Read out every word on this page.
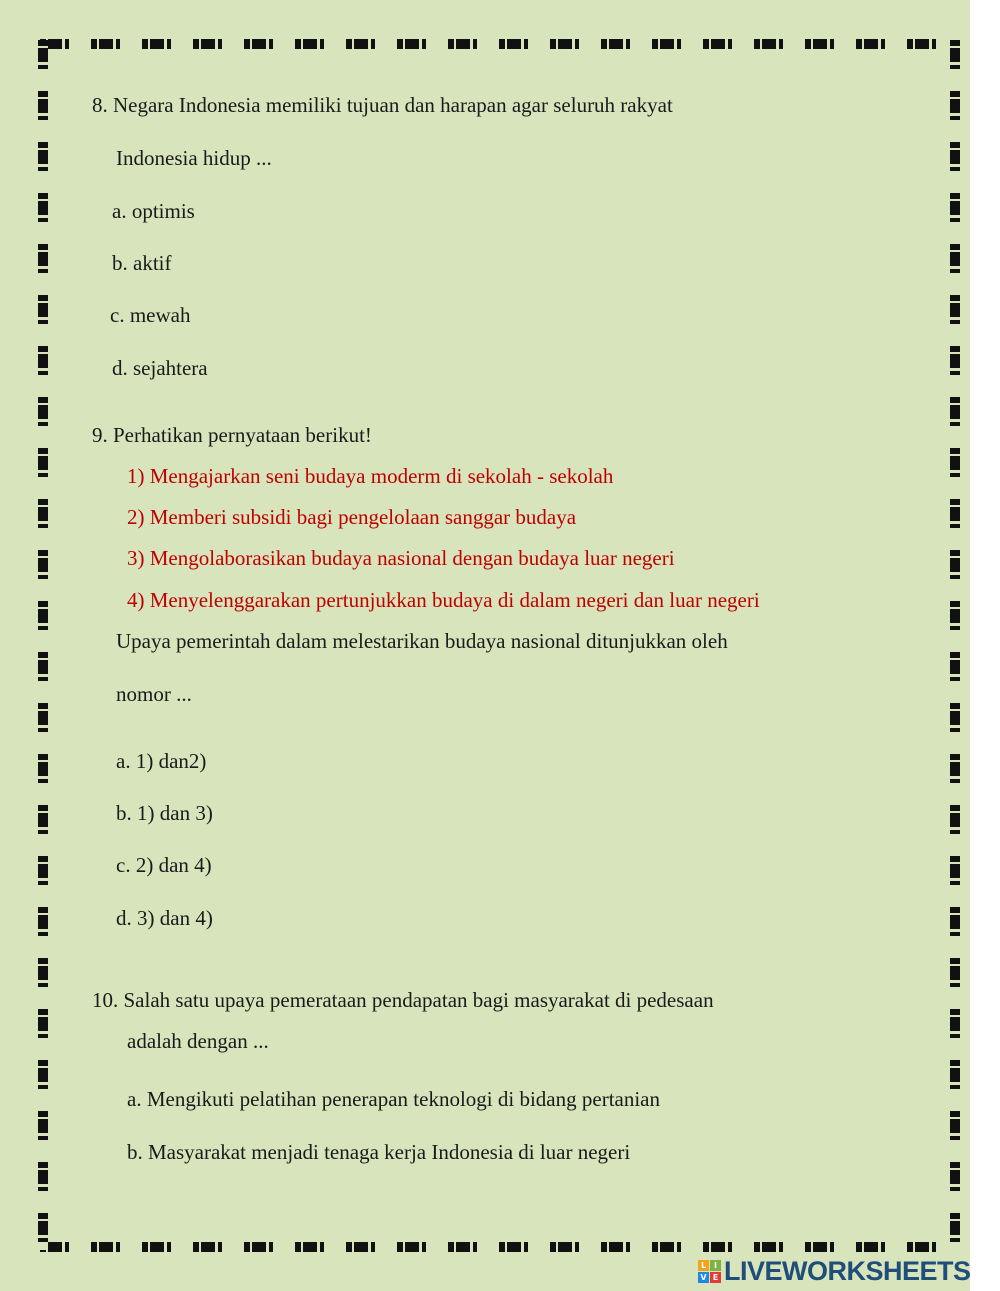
8. Negara Indonesia memiliki tujuan dan harapan agar seluruh rakyat

Indonesia hidup ...

a. optimis

b. aktif

c. mewah

d. sejahtera

9. Perhatikan pernyataan berikut!

1) Mengajarkan seni budaya moderm di sekolah - sekolah

2) Memberi subsidi bagi pengelolaan sanggar budaya

3) Mengolaborasikan budaya nasional dengan budaya luar negeri

4) Menyelenggarakan pertunjukkan budaya di dalam negeri dan luar negeri

Upaya pemerintah dalam melestarikan budaya nasional ditunjukkan oleh

nomor ...

a. 1) dan2)

b. 1) dan 3)

c. 2) dan 4)

d. 3) dan 4)

10. Salah satu upaya pemerataan pendapatan bagi masyarakat di pedesaan

adalah dengan ...

a. Mengikuti pelatihan penerapan teknologi di bidang pertanian

b. Masyarakat menjadi tenaga kerja Indonesia di luar negeri

L I
V E LIVEWORKSHEETS
